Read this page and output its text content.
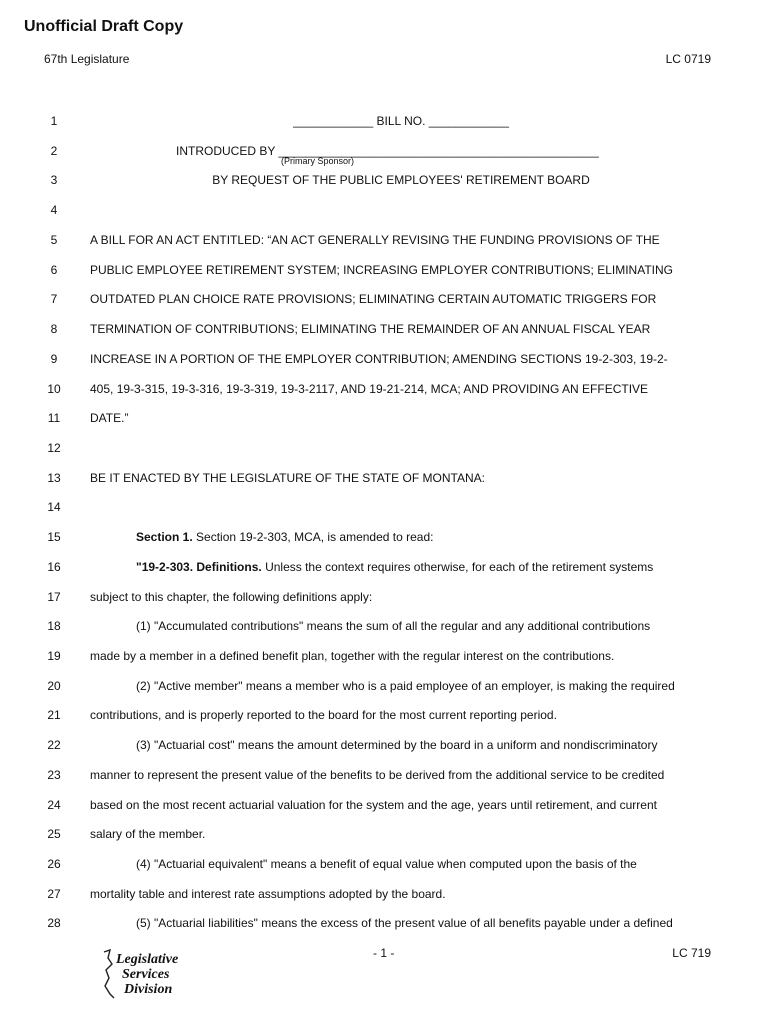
Unofficial Draft Copy
67th Legislature	LC 0719
1	____________ BILL NO. ____________
2	INTRODUCED BY ________________________________________________
(Primary Sponsor)
3	BY REQUEST OF THE PUBLIC EMPLOYEES' RETIREMENT BOARD
4
5	A BILL FOR AN ACT ENTITLED: “AN ACT GENERALLY REVISING THE FUNDING PROVISIONS OF THE
6	PUBLIC EMPLOYEE RETIREMENT SYSTEM; INCREASING EMPLOYER CONTRIBUTIONS; ELIMINATING
7	OUTDATED PLAN CHOICE RATE PROVISIONS; ELIMINATING CERTAIN AUTOMATIC TRIGGERS FOR
8	TERMINATION OF CONTRIBUTIONS; ELIMINATING THE REMAINDER OF AN ANNUAL FISCAL YEAR
9	INCREASE IN A PORTION OF THE EMPLOYER CONTRIBUTION; AMENDING SECTIONS 19-2-303, 19-2-
10	405, 19-3-315, 19-3-316, 19-3-319, 19-3-2117, AND 19-21-214, MCA; AND PROVIDING AN EFFECTIVE
11	DATE.”
12
13	BE IT ENACTED BY THE LEGISLATURE OF THE STATE OF MONTANA:
14
15	Section 1. Section 19-2-303, MCA, is amended to read:
16	"19-2-303. Definitions. Unless the context requires otherwise, for each of the retirement systems
17	subject to this chapter, the following definitions apply:
18	(1) "Accumulated contributions" means the sum of all the regular and any additional contributions
19	made by a member in a defined benefit plan, together with the regular interest on the contributions.
20	(2) "Active member" means a member who is a paid employee of an employer, is making the required
21	contributions, and is properly reported to the board for the most current reporting period.
22	(3) "Actuarial cost" means the amount determined by the board in a uniform and nondiscriminatory
23	manner to represent the present value of the benefits to be derived from the additional service to be credited
24	based on the most recent actuarial valuation for the system and the age, years until retirement, and current
25	salary of the member.
26	(4) "Actuarial equivalent" means a benefit of equal value when computed upon the basis of the
27	mortality table and interest rate assumptions adopted by the board.
28	(5) "Actuarial liabilities" means the excess of the present value of all benefits payable under a defined
- 1 -	LC 719
Legislative
Services
Division
